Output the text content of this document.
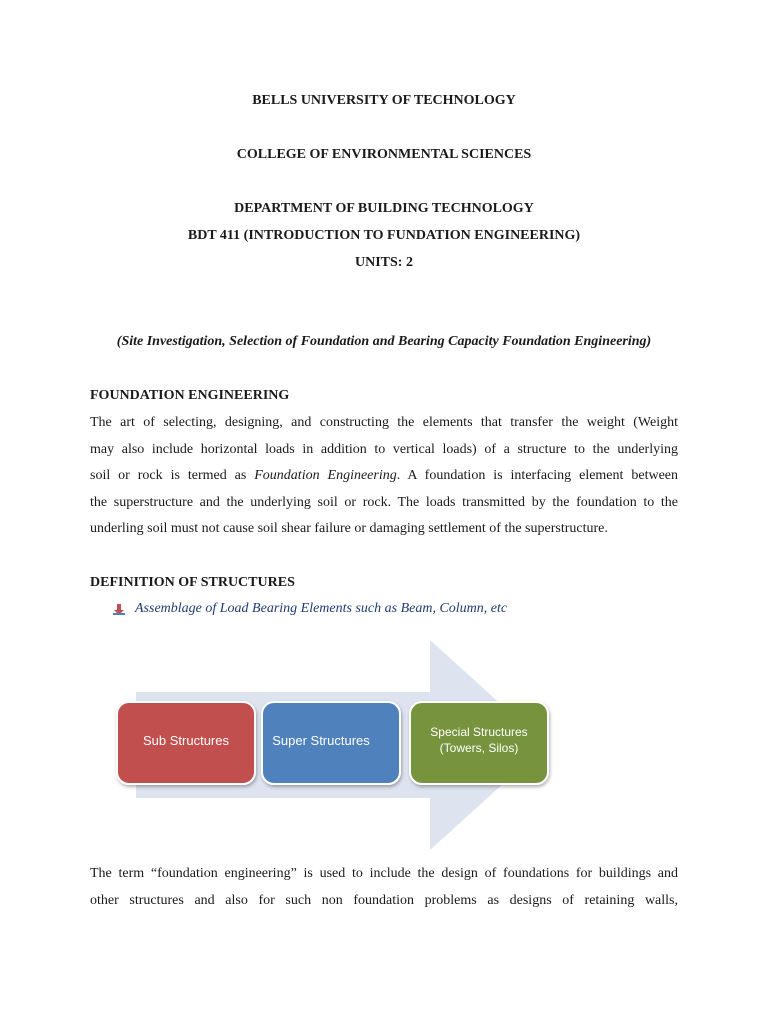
BELLS UNIVERSITY OF TECHNOLOGY
COLLEGE OF ENVIRONMENTAL SCIENCES
DEPARTMENT OF BUILDING TECHNOLOGY
BDT 411 (INTRODUCTION TO FUNDATION ENGINEERING)
UNITS: 2
(Site Investigation, Selection of Foundation and Bearing Capacity Foundation Engineering)
FOUNDATION ENGINEERING
The art of selecting, designing, and constructing the elements that transfer the weight (Weight
may also include horizontal loads in addition to vertical loads) of a structure to the underlying
soil or rock is termed as Foundation Engineering. A foundation is interfacing element between
the superstructure and the underlying soil or rock. The loads transmitted by the foundation to the
underling soil must not cause soil shear failure or damaging settlement of the superstructure.
DEFINITION OF STRUCTURES
Assemblage of Load Bearing Elements such as Beam, Column, etc
Sub Structures	Super Structures
Special Structures
(Towers, Silos)
The term “foundation engineering” is used to include the design of foundations for buildings and
other structures and also for such non foundation problems as designs of retaining walls,
